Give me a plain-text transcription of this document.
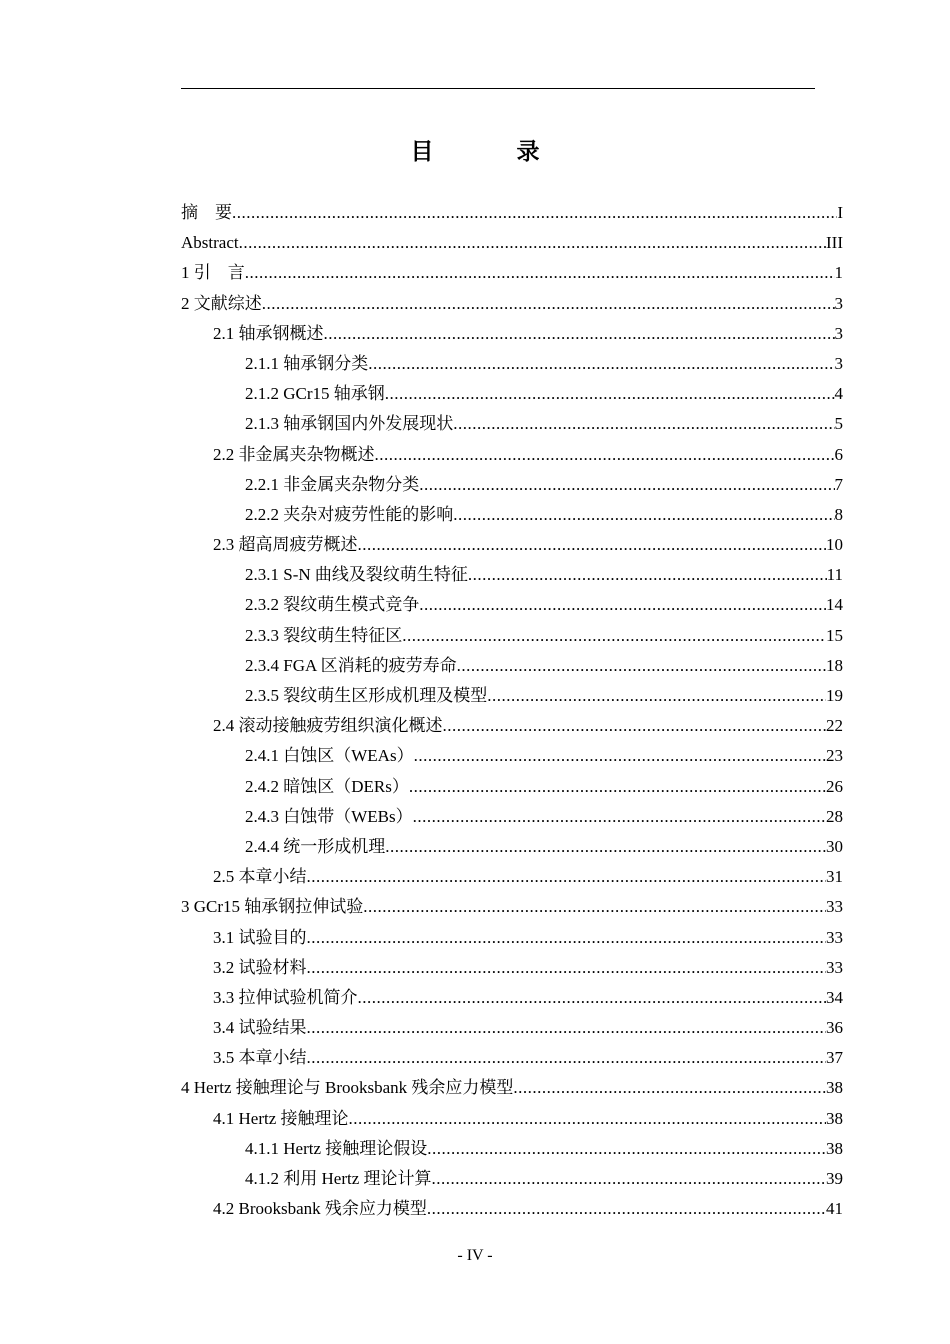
目　录
摘　要 .....	I
Abstract .....	III
1 引　言 .....	1
2 文献综述 .....	3
2.1 轴承钢概述 .....	3
2.1.1 轴承钢分类 .....	3
2.1.2 GCr15 轴承钢 .....	4
2.1.3 轴承钢国内外发展现状 .....	5
2.2 非金属夹杂物概述 .....	6
2.2.1 非金属夹杂物分类 .....	7
2.2.2 夹杂对疲劳性能的影响 .....	8
2.3 超高周疲劳概述 .....	10
2.3.1 S-N 曲线及裂纹萌生特征 .....	11
2.3.2 裂纹萌生模式竞争 .....	14
2.3.3 裂纹萌生特征区 .....	15
2.3.4 FGA 区消耗的疲劳寿命 .....	18
2.3.5 裂纹萌生区形成机理及模型 .....	19
2.4 滚动接触疲劳组织演化概述 .....	22
2.4.1 白蚀区（WEAs） .....	23
2.4.2 暗蚀区（DERs） .....	26
2.4.3 白蚀带（WEBs） .....	28
2.4.4 统一形成机理 .....	30
2.5 本章小结 .....	31
3 GCr15 轴承钢拉伸试验 .....	33
3.1 试验目的 .....	33
3.2 试验材料 .....	33
3.3 拉伸试验机简介 .....	34
3.4 试验结果 .....	36
3.5 本章小结 .....	37
4 Hertz 接触理论与 Brooksbank 残余应力模型 .....	38
4.1 Hertz 接触理论 .....	38
4.1.1 Hertz 接触理论假设 .....	38
4.1.2 利用 Hertz 理论计算 .....	39
4.2 Brooksbank 残余应力模型 .....	41
- IV -
